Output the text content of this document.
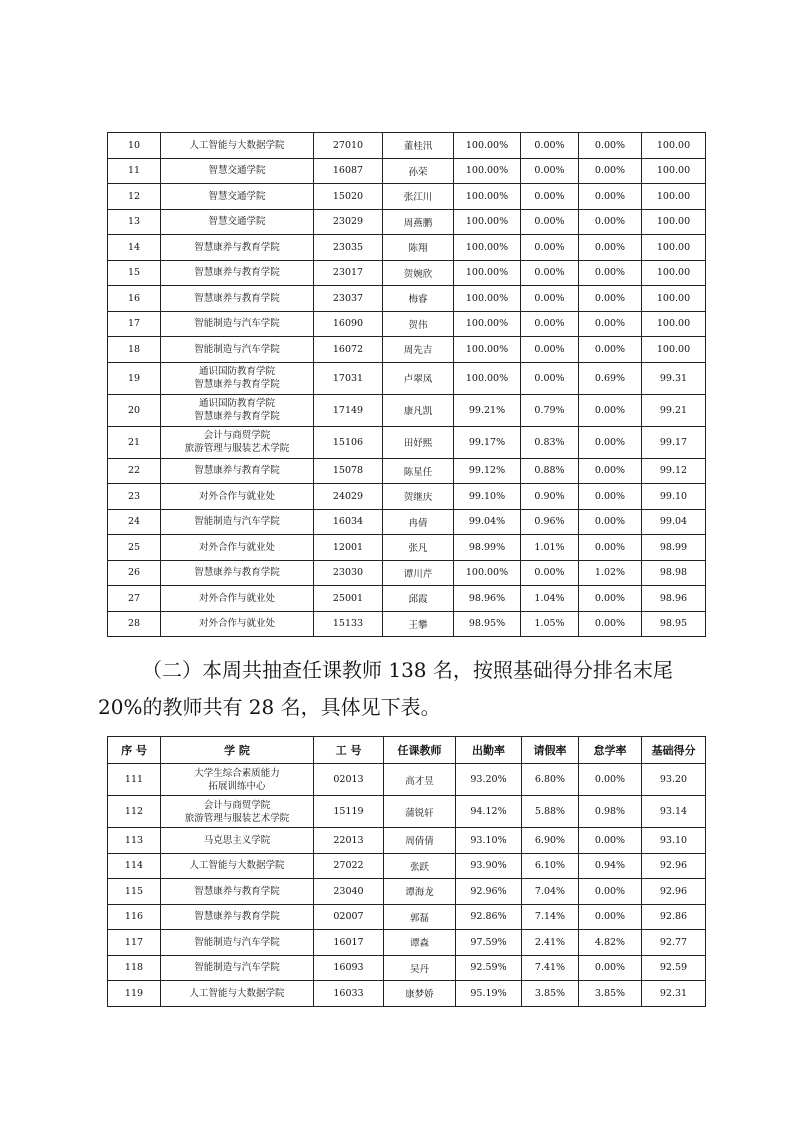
10	人工智能与大数据学院	27010	董桂汛	100.00%	0.00%	0.00%	100.00
11	智慧交通学院	16087	孙荣	100.00%	0.00%	0.00%	100.00
12	智慧交通学院	15020	张江川	100.00%	0.00%	0.00%	100.00
13	智慧交通学院	23029	周燕鹏	100.00%	0.00%	0.00%	100.00
14	智慧康养与教育学院	23035	陈翔	100.00%	0.00%	0.00%	100.00
15	智慧康养与教育学院	23017	贺婉欣	100.00%	0.00%	0.00%	100.00
16	智慧康养与教育学院	23037	梅睿	100.00%	0.00%	0.00%	100.00
17	智能制造与汽车学院	16090	贺伟	100.00%	0.00%	0.00%	100.00
18	智能制造与汽车学院	16072	周先吉	100.00%	0.00%	0.00%	100.00
19	通识国防教育学院
智慧康养与教育学院	17031	卢翠凤	100.00%	0.00%	0.69%	99.31
20	通识国防教育学院
智慧康养与教育学院	17149	康凡凯	99.21%	0.79%	0.00%	99.21
21	会计与商贸学院
旅游管理与服装艺术学院	15106	田妤熙	99.17%	0.83%	0.00%	99.17
22	智慧康养与教育学院	15078	陈星任	99.12%	0.88%	0.00%	99.12
23	对外合作与就业处	24029	贺继庆	99.10%	0.90%	0.00%	99.10
24	智能制造与汽车学院	16034	冉倩	99.04%	0.96%	0.00%	99.04
25	对外合作与就业处	12001	张凡	98.99%	1.01%	0.00%	98.99
26	智慧康养与教育学院	23030	谭川芹	100.00%	0.00%	1.02%	98.98
27	对外合作与就业处	25001	邱霞	98.96%	1.04%	0.00%	98.96
28	对外合作与就业处	15133	王攀	98.95%	1.05%	0.00%	98.95

（二）本周共抽查任课教师 138 名，按照基础得分排名末尾 20%的教师共有 28 名，具体见下表。

序 号	学 院	工 号	任课教师	出勤率	请假率	怠学率	基础得分
111	大学生综合素质能力
拓展训练中心	02013	高才昱	93.20%	6.80%	0.00%	93.20
112	会计与商贸学院
旅游管理与服装艺术学院	15119	蒲锐轩	94.12%	5.88%	0.98%	93.14
113	马克思主义学院	22013	周倩倩	93.10%	6.90%	0.00%	93.10
114	人工智能与大数据学院	27022	张跃	93.90%	6.10%	0.94%	92.96
115	智慧康养与教育学院	23040	谭海龙	92.96%	7.04%	0.00%	92.96
116	智慧康养与教育学院	02007	郭磊	92.86%	7.14%	0.00%	92.86
117	智能制造与汽车学院	16017	谭森	97.59%	2.41%	4.82%	92.77
118	智能制造与汽车学院	16093	吴丹	92.59%	7.41%	0.00%	92.59
119	人工智能与大数据学院	16033	康梦娇	95.19%	3.85%	3.85%	92.31
